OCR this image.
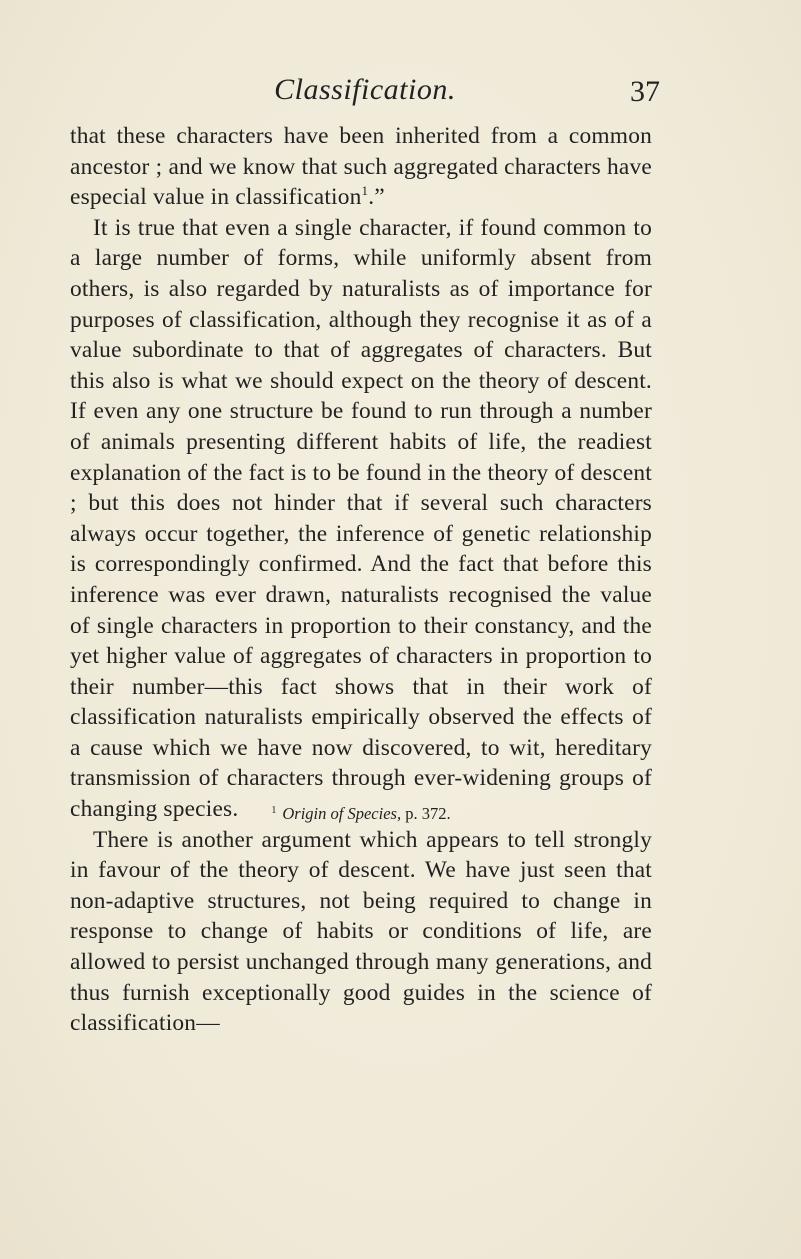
Classification.	37

that these characters have been inherited from a common ancestor ; and we know that such aggregated characters have especial value in classification$^1$.”

It is true that even a single character, if found common to a large number of forms, while uniformly absent from others, is also regarded by naturalists as of importance for purposes of classification, although they recognise it as of a value subordinate to that of aggregates of characters. But this also is what we should expect on the theory of descent. If even any one structure be found to run through a number of animals presenting different habits of life, the readiest explanation of the fact is to be found in the theory of descent ; but this does not hinder that if several such characters always occur together, the inference of genetic relationship is correspondingly confirmed. And the fact that before this inference was ever drawn, naturalists recognised the value of single characters in proportion to their constancy, and the yet higher value of aggregates of characters in proportion to their number—this fact shows that in their work of classification naturalists empirically observed the effects of a cause which we have now discovered, to wit, hereditary transmission of characters through ever-widening groups of changing species.

There is another argument which appears to tell strongly in favour of the theory of descent. We have just seen that non-adaptive structures, not being required to change in response to change of habits or conditions of life, are allowed to persist unchanged through many generations, and thus furnish exceptionally good guides in the science of classification—

$^1$ Origin of Species, p. 372.
